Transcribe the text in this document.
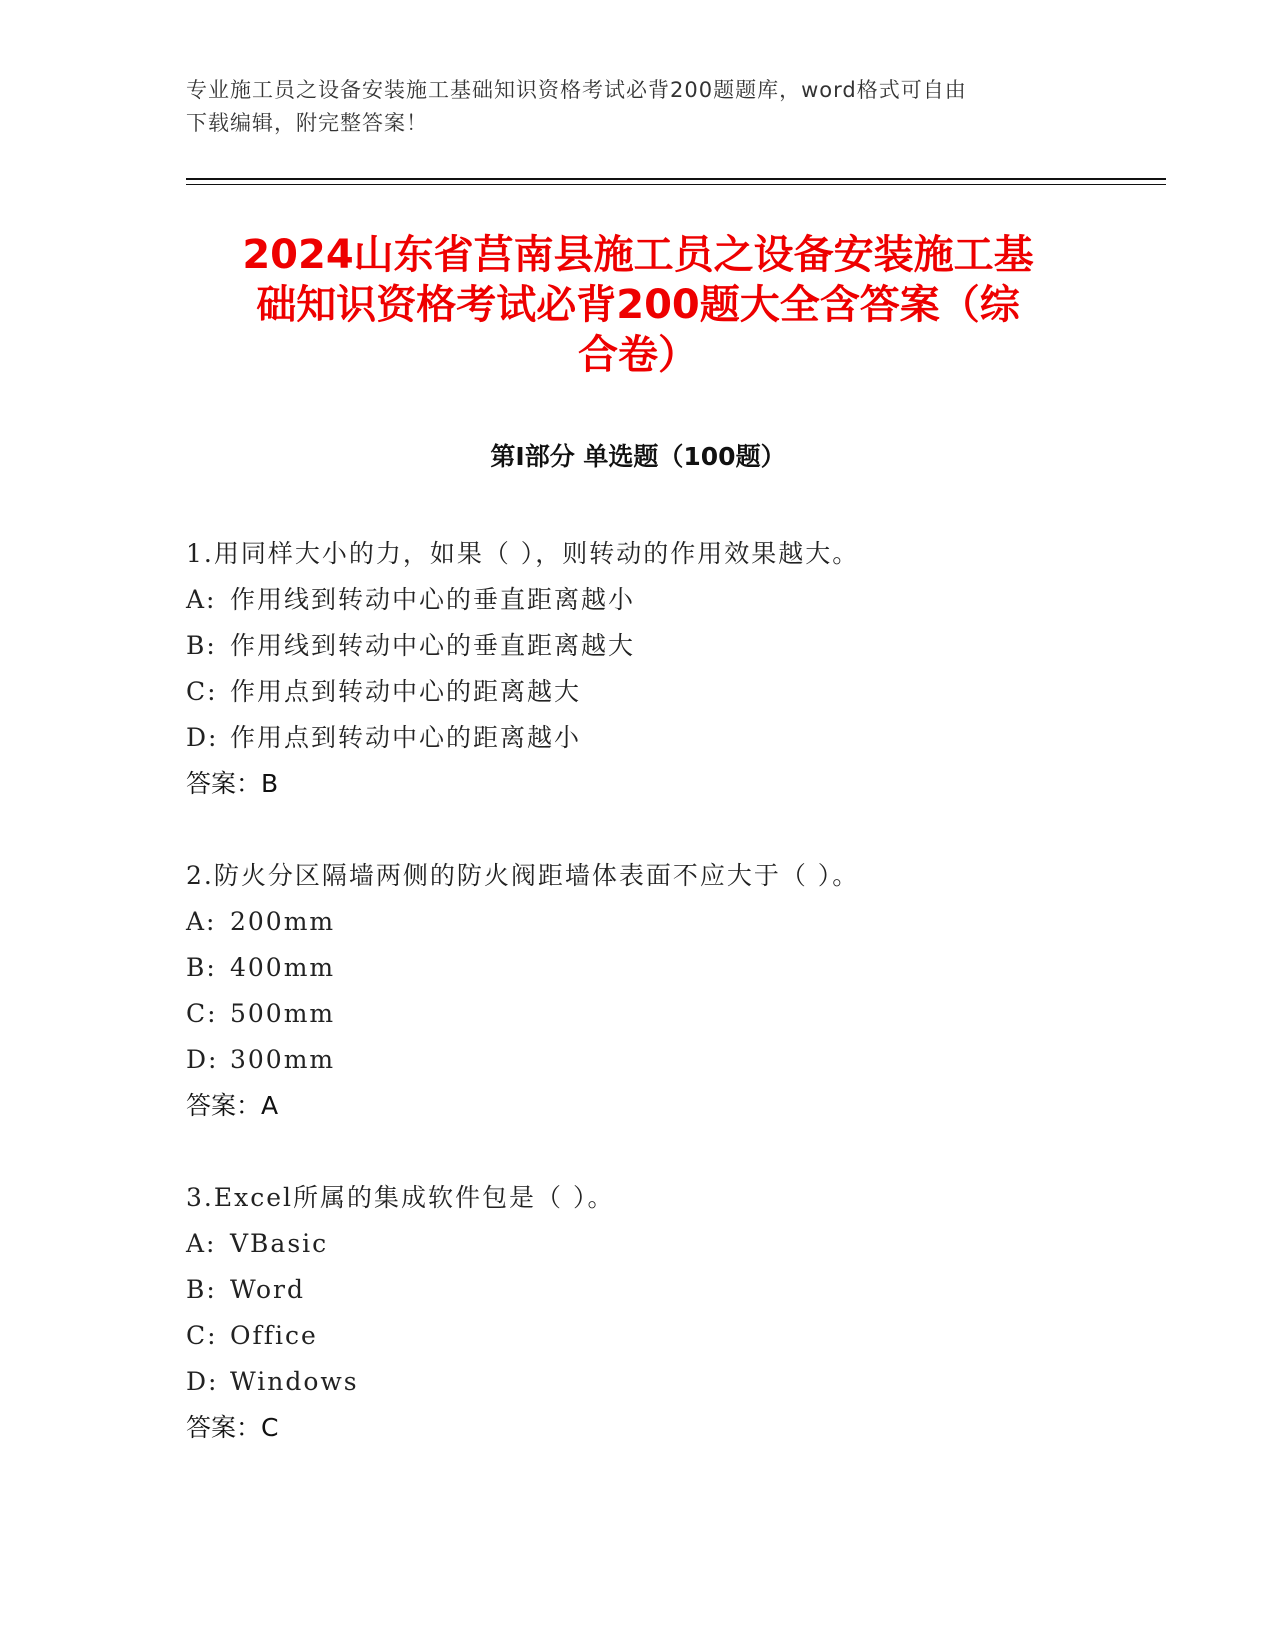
专业施工员之设备安装施工基础知识资格考试必背200题题库，word格式可自由
下载编辑，附完整答案！
2024山东省莒南县施工员之设备安装施工基
础知识资格考试必背200题大全含答案（综
合卷）
第Ⅰ部分 单选题（100题）
1.用同样大小的力，如果（ ），则转动的作用效果越大。
A: 作用线到转动中心的垂直距离越小
B: 作用线到转动中心的垂直距离越大
C: 作用点到转动中心的距离越大
D: 作用点到转动中心的距离越小
答案：B
2.防火分区隔墙两侧的防火阀距墙体表面不应大于（ ）。
A: 200mm
B: 400mm
C: 500mm
D: 300mm
答案：A
3.Excel所属的集成软件包是（ ）。
A: VBasic
B: Word
C: Office
D: Windows
答案：C
